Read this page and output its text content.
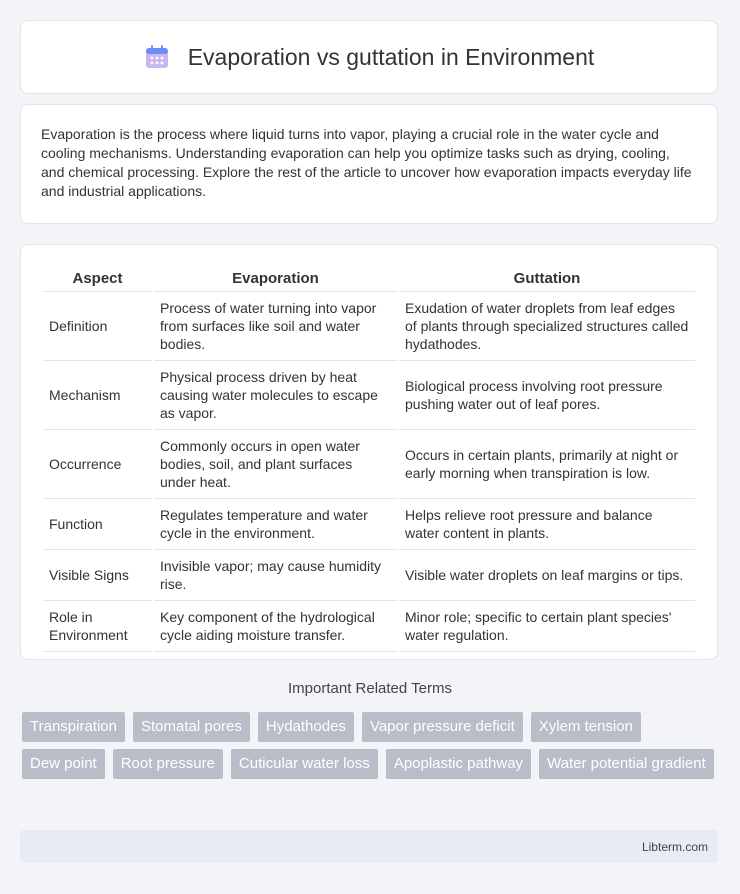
Evaporation vs guttation in Environment

Evaporation is the process where liquid turns into vapor, playing a crucial role in the water cycle and cooling mechanisms. Understanding evaporation can help you optimize tasks such as drying, cooling, and chemical processing. Explore the rest of the article to uncover how evaporation impacts everyday life and industrial applications.

Aspect	Evaporation	Guttation
Definition	Process of water turning into vapor from surfaces like soil and water bodies.	Exudation of water droplets from leaf edges of plants through specialized structures called hydathodes.
Mechanism	Physical process driven by heat causing water molecules to escape as vapor.	Biological process involving root pressure pushing water out of leaf pores.
Occurrence	Commonly occurs in open water bodies, soil, and plant surfaces under heat.	Occurs in certain plants, primarily at night or early morning when transpiration is low.
Function	Regulates temperature and water cycle in the environment.	Helps relieve root pressure and balance water content in plants.
Visible Signs	Invisible vapor; may cause humidity rise.	Visible water droplets on leaf margins or tips.
Role in Environment	Key component of the hydrological cycle aiding moisture transfer.	Minor role; specific to certain plant species' water regulation.
Important Related Terms
Transpiration	Stomatal pores	Hydathodes	Vapor pressure deficit	Xylem tension
Dew point	Root pressure	Cuticular water loss	Apoplastic pathway	Water potential gradient
Libterm.com
